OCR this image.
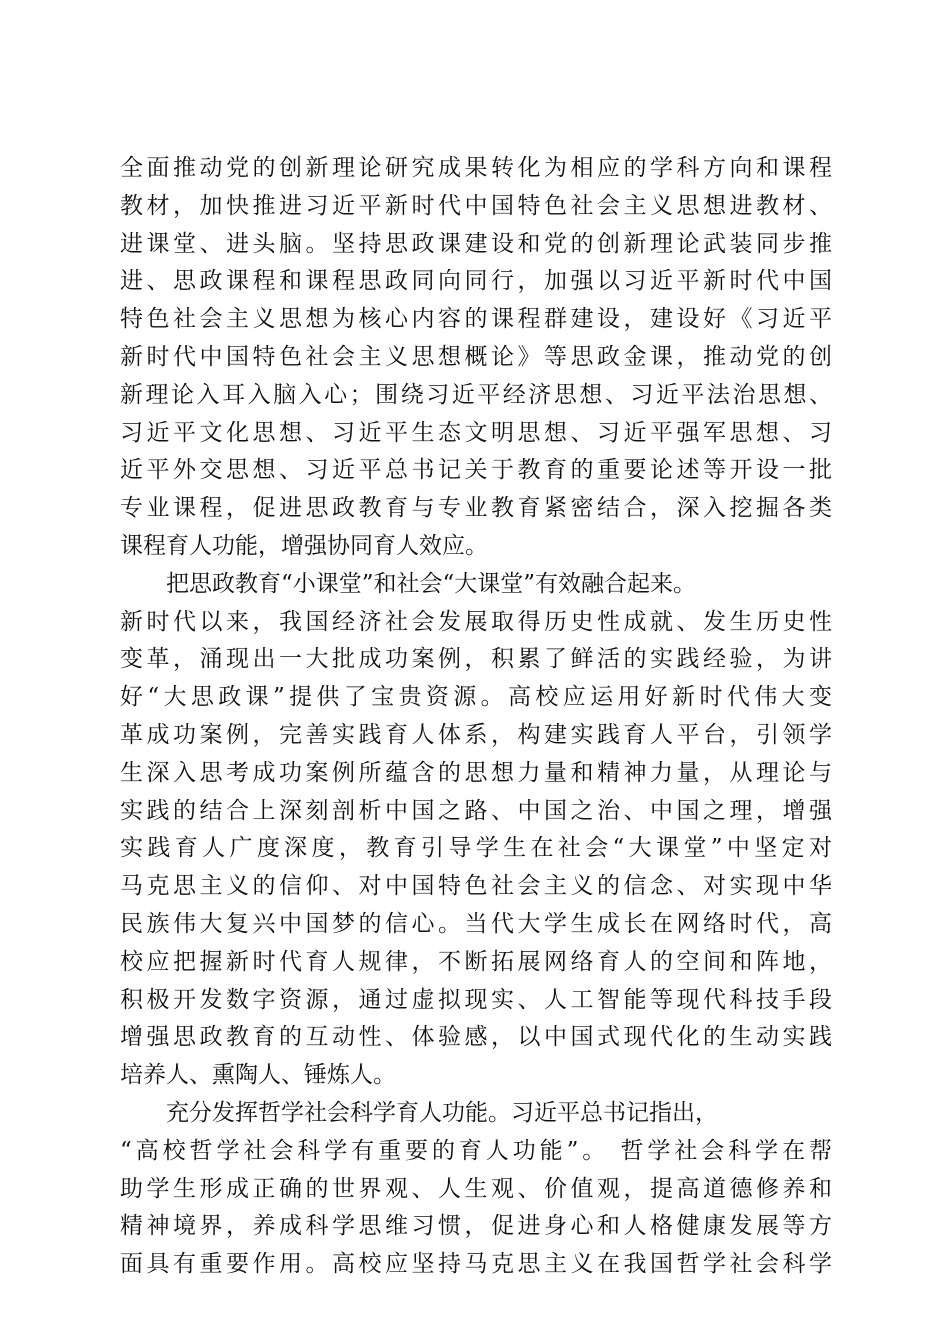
全面推动党的创新理论研究成果转化为相应的学科方向和课程
教材，加快推进习近平新时代中国特色社会主义思想进教材、
进课堂、进头脑。坚持思政课建设和党的创新理论武装同步推
进、思政课程和课程思政同向同行，加强以习近平新时代中国
特色社会主义思想为核心内容的课程群建设，建设好《习近平
新时代中国特色社会主义思想概论》等思政金课，推动党的创
新理论入耳入脑入心；围绕习近平经济思想、习近平法治思想、
习近平文化思想、习近平生态文明思想、习近平强军思想、习
近平外交思想、习近平总书记关于教育的重要论述等开设一批
专业课程，促进思政教育与专业教育紧密结合，深入挖掘各类
课程育人功能，增强协同育人效应。
把思政教育“小课堂”和社会“大课堂”有效融合起来。
新时代以来，我国经济社会发展取得历史性成就、发生历史性
变革，涌现出一大批成功案例，积累了鲜活的实践经验，为讲
好“大思政课”提供了宝贵资源。高校应运用好新时代伟大变
革成功案例，完善实践育人体系，构建实践育人平台，引领学
生深入思考成功案例所蕴含的思想力量和精神力量，从理论与
实践的结合上深刻剖析中国之路、中国之治、中国之理，增强
实践育人广度深度，教育引导学生在社会“大课堂”中坚定对
马克思主义的信仰、对中国特色社会主义的信念、对实现中华
民族伟大复兴中国梦的信心。当代大学生成长在网络时代，高
校应把握新时代育人规律，不断拓展网络育人的空间和阵地，
积极开发数字资源，通过虚拟现实、人工智能等现代科技手段
增强思政教育的互动性、体验感，以中国式现代化的生动实践
培养人、熏陶人、锤炼人。
充分发挥哲学社会科学育人功能。习近平总书记指出，
“高校哲学社会科学有重要的育人功能”。 哲学社会科学在帮
助学生形成正确的世界观、人生观、价值观，提高道德修养和
精神境界，养成科学思维习惯，促进身心和人格健康发展等方
面具有重要作用。高校应坚持马克思主义在我国哲学社会科学
